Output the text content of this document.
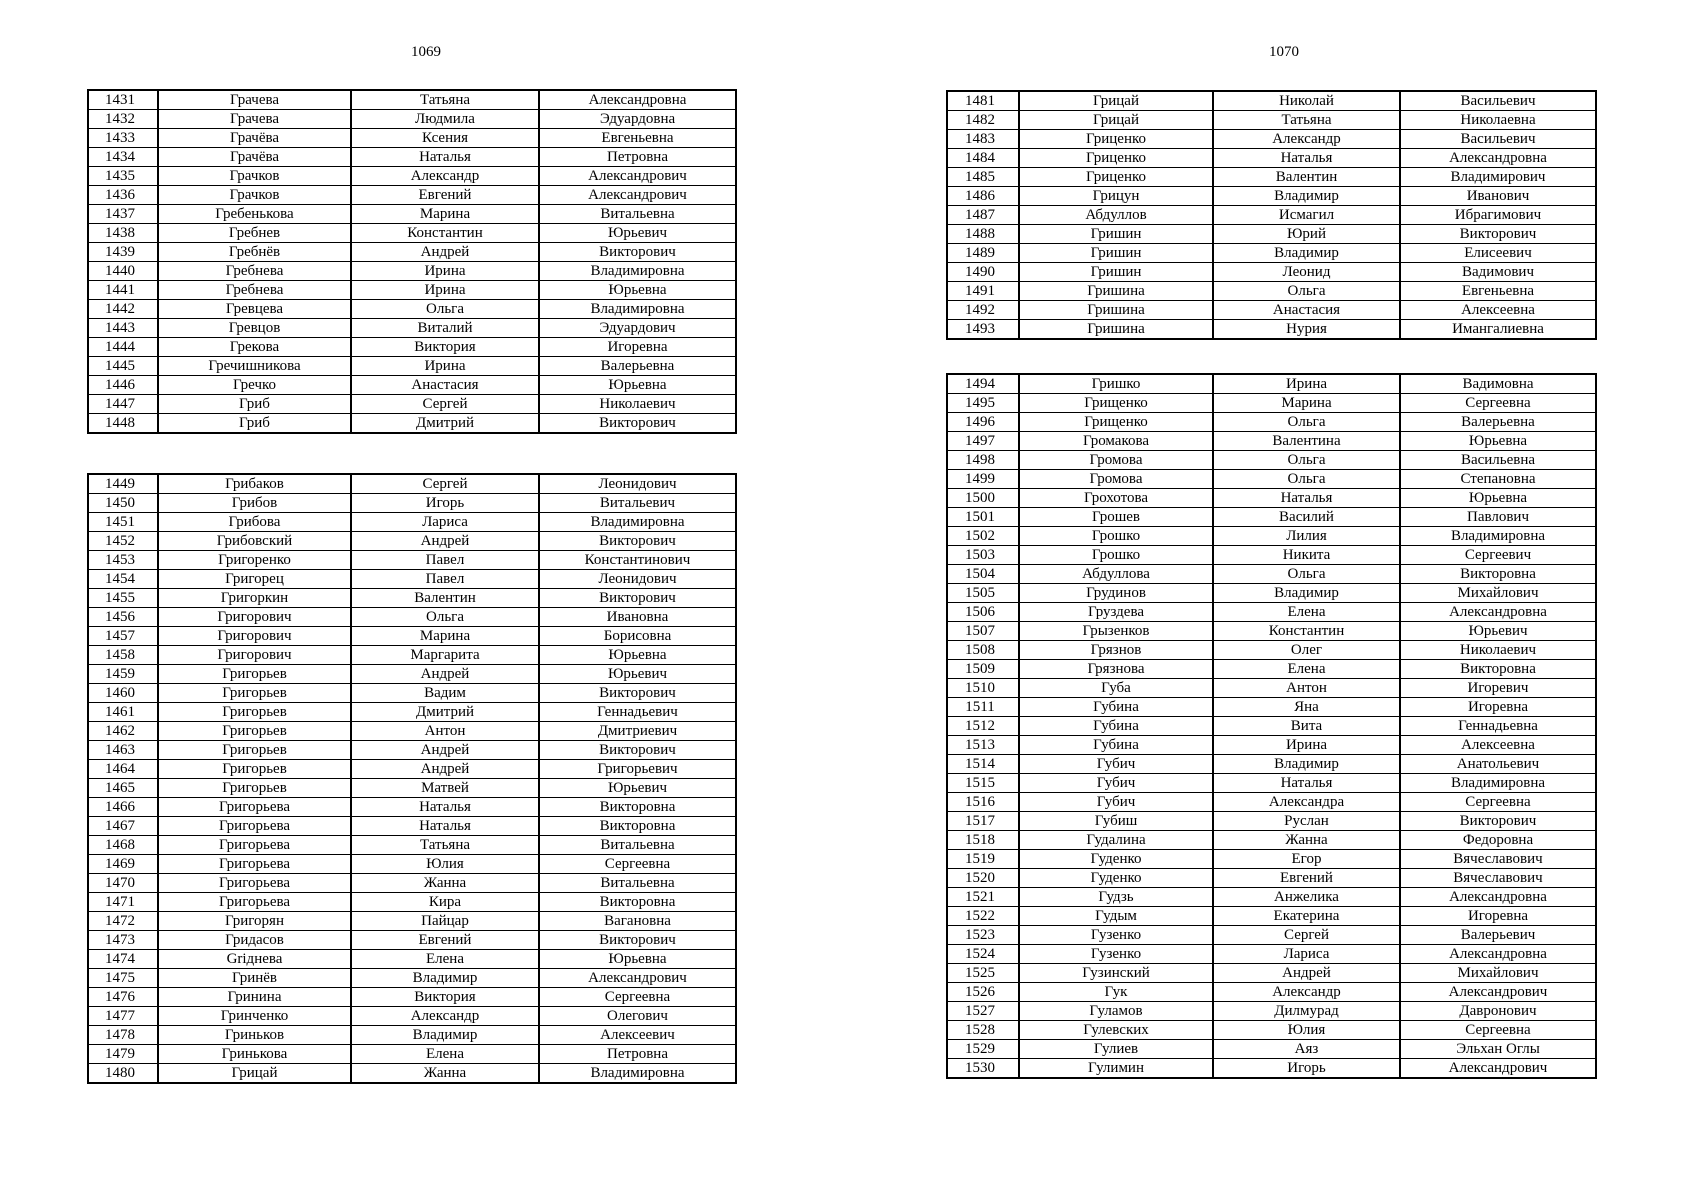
1069	1070
1431	Грачева	Татьяна	Александровна
1432	Грачева	Людмила	Эдуардовна
1433	Грачёва	Ксения	Евгеньевна
1434	Грачёва	Наталья	Петровна
1435	Грачков	Александр	Александрович
1436	Грачков	Евгений	Александрович
1437	Гребенькова	Марина	Витальевна
1438	Гребнев	Константин	Юрьевич
1439	Гребнёв	Андрей	Викторович
1440	Гребнева	Ирина	Владимировна
1441	Гребнева	Ирина	Юрьевна
1442	Гревцева	Ольга	Владимировна
1443	Гревцов	Виталий	Эдуардович
1444	Грекова	Виктория	Игоревна
1445	Гречишникова	Ирина	Валерьевна
1446	Гречко	Анастасия	Юрьевна
1447	Гриб	Сергей	Николаевич
1448	Гриб	Дмитрий	Викторович
1449	Грибаков	Сергей	Леонидович
1450	Грибов	Игорь	Витальевич
1451	Грибова	Лариса	Владимировна
1452	Грибовский	Андрей	Викторович
1453	Григоренко	Павел	Константинович
1454	Григорец	Павел	Леонидович
1455	Григоркин	Валентин	Викторович
1456	Григорович	Ольга	Ивановна
1457	Григорович	Марина	Борисовна
1458	Григорович	Маргарита	Юрьевна
1459	Григорьев	Андрей	Юрьевич
1460	Григорьев	Вадим	Викторович
1461	Григорьев	Дмитрий	Геннадьевич
1462	Григорьев	Антон	Дмитриевич
1463	Григорьев	Андрей	Викторович
1464	Григорьев	Андрей	Григорьевич
1465	Григорьев	Матвей	Юрьевич
1466	Григорьева	Наталья	Викторовна
1467	Григорьева	Наталья	Викторовна
1468	Григорьева	Татьяна	Витальевна
1469	Григорьева	Юлия	Сергеевна
1470	Григорьева	Жанна	Витальевна
1471	Григорьева	Кира	Викторовна
1472	Григорян	Пайцар	Вагановна
1473	Гридасов	Евгений	Викторович
1474	Griднева	Елена	Юрьевна
1475	Гринёв	Владимир	Александрович
1476	Гринина	Виктория	Сергеевна
1477	Гринченко	Александр	Олегович
1478	Гриньков	Владимир	Алексеевич
1479	Гринькова	Елена	Петровна
1480	Грицай	Жанна	Владимировна
1481	Грицай	Николай	Васильевич
1482	Грицай	Татьяна	Николаевна
1483	Гриценко	Александр	Васильевич
1484	Гриценко	Наталья	Александровна
1485	Гриценко	Валентин	Владимирович
1486	Грицун	Владимир	Иванович
1487	Абдуллов	Исмагил	Ибрагимович
1488	Гришин	Юрий	Викторович
1489	Гришин	Владимир	Елисеевич
1490	Гришин	Леонид	Вадимович
1491	Гришина	Ольга	Евгеньевна
1492	Гришина	Анастасия	Алексеевна
1493	Гришина	Нурия	Имангалиевна
1494	Гришко	Ирина	Вадимовна
1495	Грищенко	Марина	Сергеевна
1496	Грищенко	Ольга	Валерьевна
1497	Громакова	Валентина	Юрьевна
1498	Громова	Ольга	Васильевна
1499	Громова	Ольга	Степановна
1500	Грохотова	Наталья	Юрьевна
1501	Грошев	Василий	Павлович
1502	Грошко	Лилия	Владимировна
1503	Грошко	Никита	Сергеевич
1504	Абдуллова	Ольга	Викторовна
1505	Грудинов	Владимир	Михайлович
1506	Груздева	Елена	Александровна
1507	Грызенков	Константин	Юрьевич
1508	Грязнов	Олег	Николаевич
1509	Грязнова	Елена	Викторовна
1510	Губа	Антон	Игоревич
1511	Губина	Яна	Игоревна
1512	Губина	Вита	Геннадьевна
1513	Губина	Ирина	Алексеевна
1514	Губич	Владимир	Анатольевич
1515	Губич	Наталья	Владимировна
1516	Губич	Александра	Сергеевна
1517	Губиш	Руслан	Викторович
1518	Гудалина	Жанна	Федоровна
1519	Гуденко	Егор	Вячеславович
1520	Гуденко	Евгений	Вячеславович
1521	Гудзь	Анжелика	Александровна
1522	Гудым	Екатерина	Игоревна
1523	Гузенко	Сергей	Валерьевич
1524	Гузенко	Лариса	Александровна
1525	Гузинский	Андрей	Михайлович
1526	Гук	Александр	Александрович
1527	Гуламов	Дилмурад	Давронович
1528	Гулевских	Юлия	Сергеевна
1529	Гулиев	Аяз	Эльхан Оглы
1530	Гулимин	Игорь	Александрович
